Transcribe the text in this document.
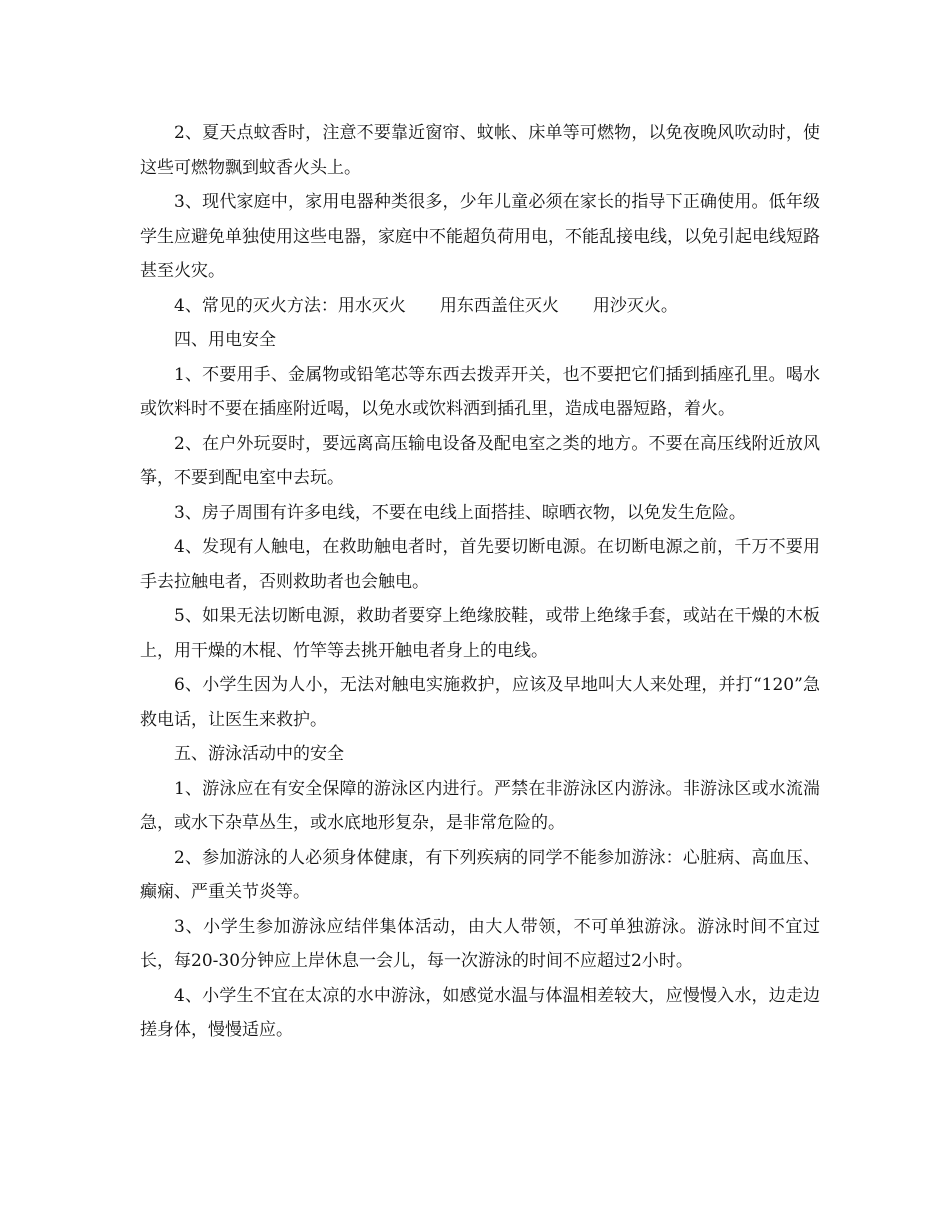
2、夏天点蚊香时，注意不要靠近窗帘、蚊帐、床单等可燃物，以免夜晚风吹动时，使这些可燃物飘到蚊香火头上。

3、现代家庭中，家用电器种类很多，少年儿童必须在家长的指导下正确使用。低年级学生应避免单独使用这些电器，家庭中不能超负荷用电，不能乱接电线，以免引起电线短路甚至火灾。

4、常见的灭火方法：用水灭火　　用东西盖住灭火　　用沙灭火。

四、用电安全

1、不要用手、金属物或铅笔芯等东西去拨弄开关，也不要把它们插到插座孔里。喝水或饮料时不要在插座附近喝，以免水或饮料洒到插孔里，造成电器短路，着火。

2、在户外玩耍时，要远离高压输电设备及配电室之类的地方。不要在高压线附近放风筝，不要到配电室中去玩。

3、房子周围有许多电线，不要在电线上面搭挂、晾晒衣物，以免发生危险。

4、发现有人触电，在救助触电者时，首先要切断电源。在切断电源之前，千万不要用手去拉触电者，否则救助者也会触电。

5、如果无法切断电源，救助者要穿上绝缘胶鞋，或带上绝缘手套，或站在干燥的木板上，用干燥的木棍、竹竿等去挑开触电者身上的电线。

6、小学生因为人小，无法对触电实施救护，应该及早地叫大人来处理，并打“120”急救电话，让医生来救护。

五、游泳活动中的安全

1、游泳应在有安全保障的游泳区内进行。严禁在非游泳区内游泳。非游泳区或水流湍急，或水下杂草丛生，或水底地形复杂，是非常危险的。

2、参加游泳的人必须身体健康，有下列疾病的同学不能参加游泳：心脏病、高血压、癫痫、严重关节炎等。

3、小学生参加游泳应结伴集体活动，由大人带领，不可单独游泳。游泳时间不宜过长，每20-30分钟应上岸休息一会儿，每一次游泳的时间不应超过2小时。

4、小学生不宜在太凉的水中游泳，如感觉水温与体温相差较大，应慢慢入水，边走边搓身体，慢慢适应。
